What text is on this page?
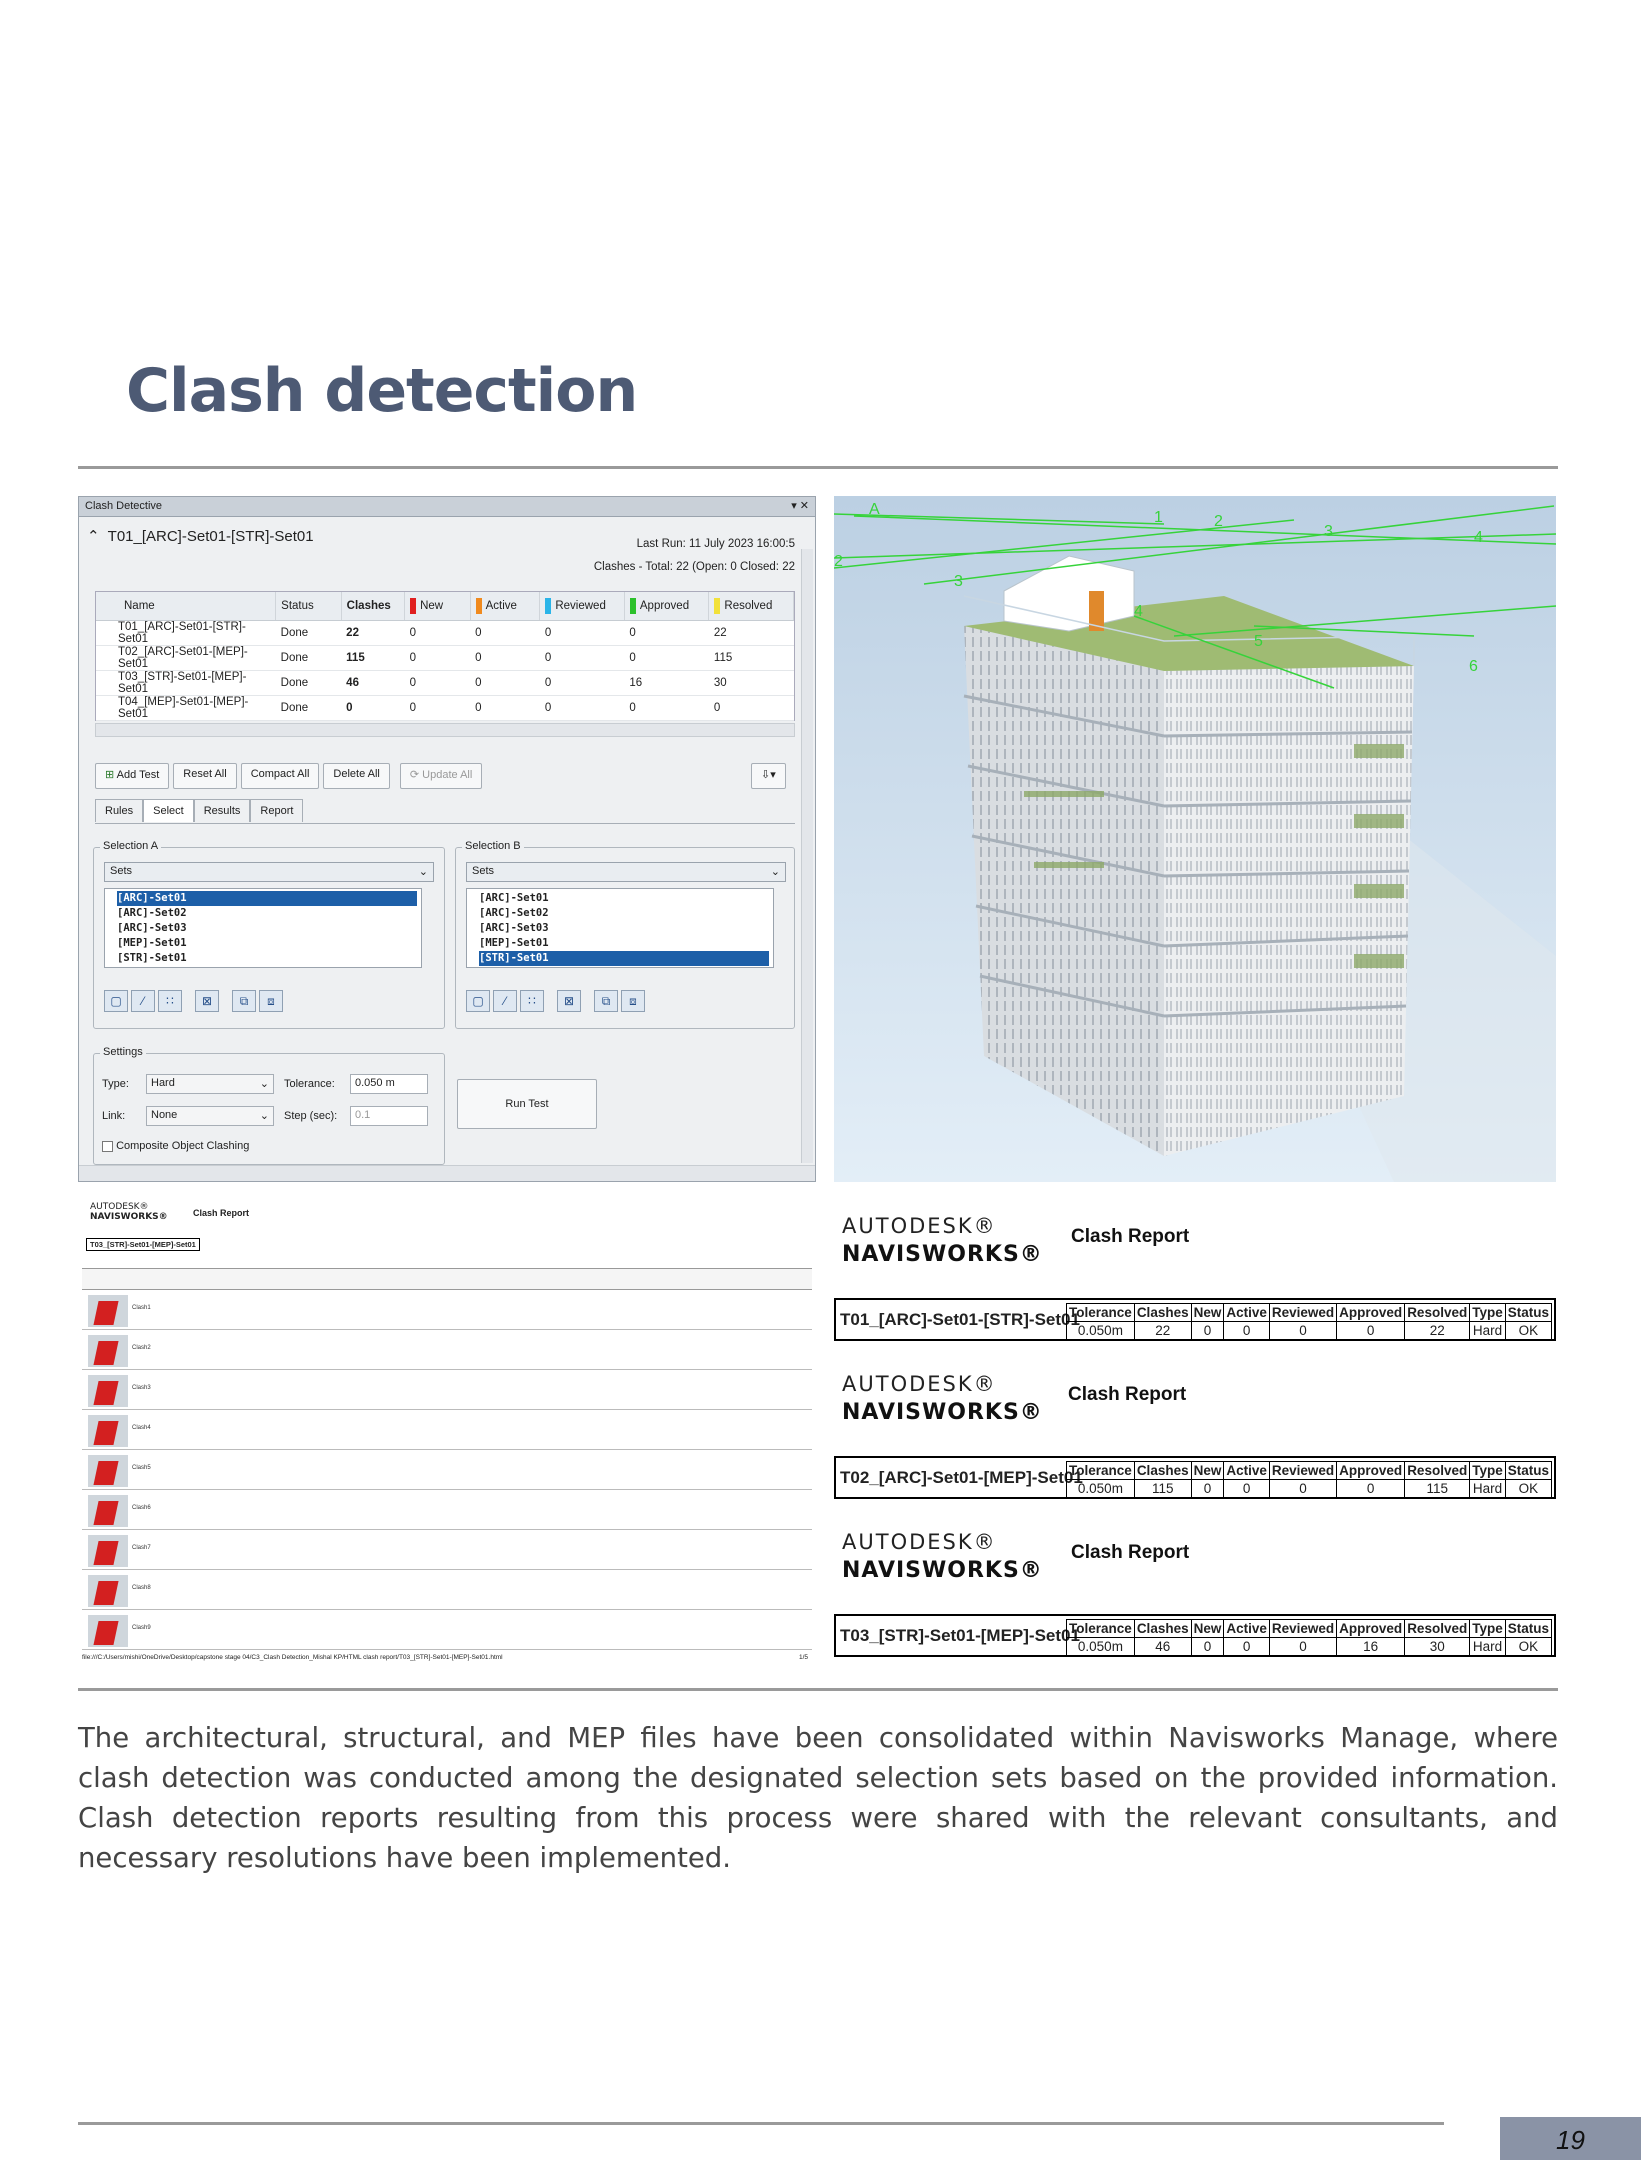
Clash detection
Clash Detective	▾ ✕
⌃ T01_[ARC]-Set01-[STR]-Set01	Last Run: 11 July 2023 16:00:5
Clashes - Total: 22 (Open: 0 Closed: 22
Name	Status	Clashes	New	Active	Reviewed	Approved	Resolved
T01_[ARC]-Set01-[STR]-Set01	Done	22	0	0	0	0	22
T02_[ARC]-Set01-[MEP]-Set01	Done	115	0	0	0	0	115
T03_[STR]-Set01-[MEP]-Set01	Done	46	0	0	0	16	30
T04_[MEP]-Set01-[MEP]-Set01	Done	0	0	0	0	0	0
⊞ Add Test	Reset All	Compact All	Delete All	⟳ Update All	⇩▾
Rules	Select	Results	Report
Selection A
Sets	⌄
[ARC]-Set01
[ARC]-Set02
[ARC]-Set03
[MEP]-Set01
[STR]-Set01
▢	⁄	∷	⊠	⧉	⧈
Selection B
Sets	⌄
[ARC]-Set01
[ARC]-Set02
[ARC]-Set03
[MEP]-Set01
[STR]-Set01
▢	⁄	∷	⊠	⧉	⧈
Settings
Type:	Hard	⌄ Tolerance:	0.050 m
Link:	None	⌄ Step (sec):	0.1
Composite Object Clashing
Run Test
A	1	2
3	4
4
5
6
3
2
AUTODESK®
NAVISWORKS®	Clash Report
T03_[STR]-Set01-[MEP]-Set01
Clash1
Clash2
Clash3
Clash4
Clash5
Clash6
Clash7
Clash8
Clash9
file:///C:/Users/mishi/OneDrive/Desktop/capstone stage 04/C3_Clash Detection_Mishal KP/HTML clash report/T03_[STR]-Set01-[MEP]-Set01.html	1/5
AUTODESK®
NAVISWORKS®
Clash Report
T01_[ARC]-Set01-[STR]-Set01
Tolerance	Clashes	New	Active	Reviewed	Approved	Resolved	Type	Status
0.050m	22	0	0	0	0	22	Hard	OK
AUTODESK®
NAVISWORKS®
Clash Report
T02_[ARC]-Set01-[MEP]-Set01
Tolerance	Clashes	New	Active	Reviewed	Approved	Resolved	Type	Status
0.050m	115	0	0	0	0	115	Hard	OK
AUTODESK®
NAVISWORKS®
Clash Report
T03_[STR]-Set01-[MEP]-Set01
Tolerance	Clashes	New	Active	Reviewed	Approved	Resolved	Type	Status
0.050m	46	0	0	0	16	30	Hard	OK
The architectural, structural, and MEP files have been consolidated within Navisworks Manage, where clash detection was conducted among the designated selection sets based on the provided information. Clash detection reports resulting from this process were shared with the relevant consultants, and necessary resolutions have been implemented.
19
